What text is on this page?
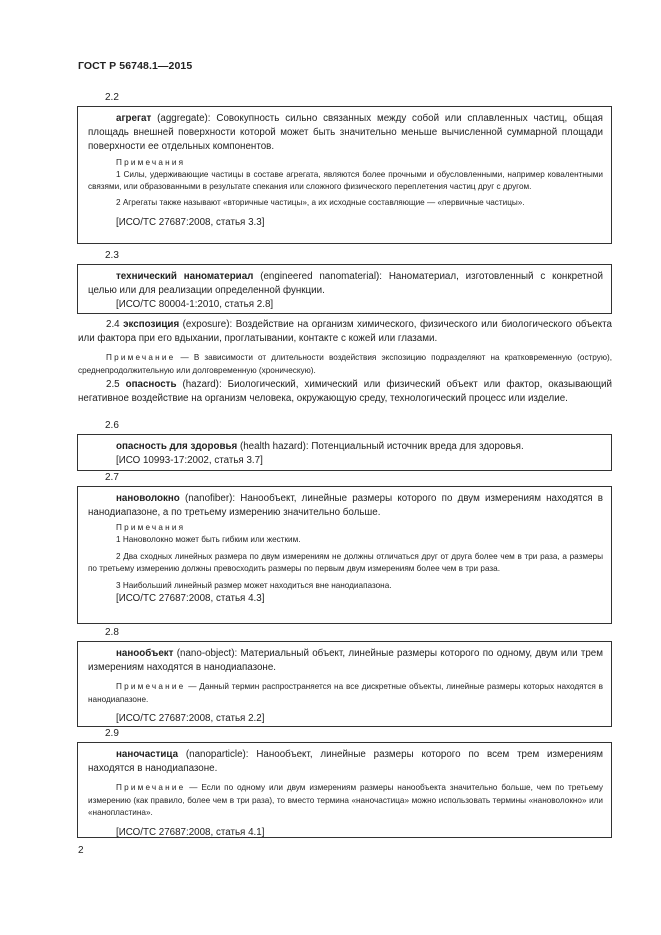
ГОСТ Р 56748.1—2015
2.2

агрегат (aggregate): Совокупность сильно связанных между собой или сплавленных частиц, общая площадь внешней поверхности которой может быть значительно меньше вычисленной суммарной площади поверхности ее отдельных компонентов.

Примечания

1 Силы, удерживающие частицы в составе агрегата, являются более прочными и обусловленными, например ковалентными связями, или образованными в результате спекания или сложного физического переплетения частиц друг с другом.

2 Агрегаты также называют «вторичные частицы», а их исходные составляющие — «первичные частицы».

[ИСО/ТС 27687:2008, статья 3.3]

2.3

технический наноматериал (engineered nanomaterial): Наноматериал, изготовленный с конкретной целью или для реализации определенной функции.

[ИСО/ТС 80004-1:2010, статья 2.8]

2.4 экспозиция (exposure): Воздействие на организм химического, физического или биологического объекта или фактора при его вдыхании, проглатывании, контакте с кожей или глазами.

Примечание — В зависимости от длительности воздействия экспозицию подразделяют на кратковременную (острую), среднепродолжительную или долговременную (хроническую).

2.5 опасность (hazard): Биологический, химический или физический объект или фактор, оказывающий негативное воздействие на организм человека, окружающую среду, технологический процесс или изделие.

2.6

опасность для здоровья (health hazard): Потенциальный источник вреда для здоровья.

[ИСО 10993-17:2002, статья 3.7]

2.7

нановолокно (nanofiber): Нанообъект, линейные размеры которого по двум измерениям находятся в нанодиапазоне, а по третьему измерению значительно больше.

Примечания

1 Нановолокно может быть гибким или жестким.

2 Два сходных линейных размера по двум измерениям не должны отличаться друг от друга более чем в три раза, а размеры по третьему измерению должны превосходить размеры по первым двум измерениям более чем в три раза.

3 Наибольший линейный размер может находиться вне нанодиапазона.

[ИСО/ТС 27687:2008, статья 4.3]

2.8

нанообъект (nano-object): Материальный объект, линейные размеры которого по одному, двум или трем измерениям находятся в нанодиапазоне.

Примечание — Данный термин распространяется на все дискретные объекты, линейные размеры которых находятся в нанодиапазоне.

[ИСО/ТС 27687:2008, статья 2.2]

2.9

наночастица (nanoparticle): Нанообъект, линейные размеры которого по всем трем измерениям находятся в нанодиапазоне.

Примечание — Если по одному или двум измерениям размеры нанообъекта значительно больше, чем по третьему измерению (как правило, более чем в три раза), то вместо термина «наночастица» можно использовать термины «нановолокно» или «нанопластина».

[ИСО/ТС 27687:2008, статья 4.1]

2
